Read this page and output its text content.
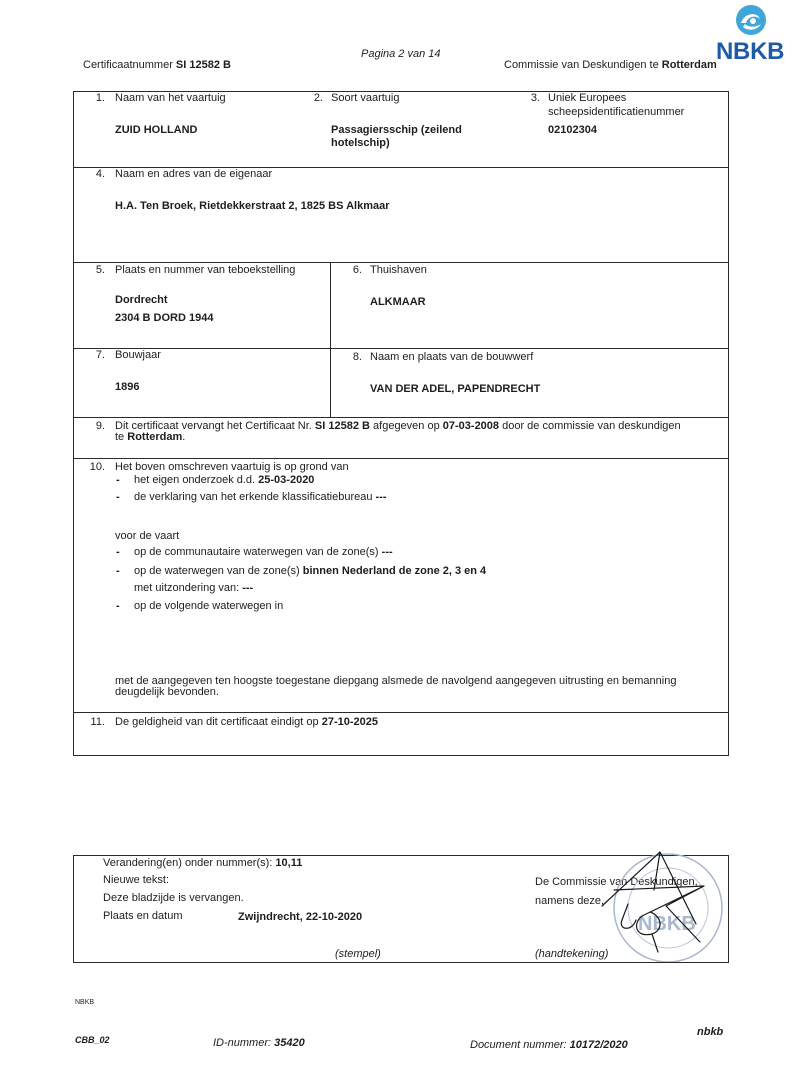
NBKB
Pagina 2 van 14
Certificaatnummer SI 12582 B	Commissie van Deskundigen te Rotterdam
1. Naam van het vaartuig
ZUID HOLLAND
2. Soort vaartuig
Passagiersschip (zeilend
hotelschip)
3. Uniek Europees
scheepsidentificatienummer
02102304
4. Naam en adres van de eigenaar
H.A. Ten Broek, Rietdekkerstraat 2, 1825 BS Alkmaar
5. Plaats en nummer van teboekstelling
Dordrecht
2304 B DORD 1944
6. Thuishaven
ALKMAAR
7. Bouwjaar
1896
8. Naam en plaats van de bouwwerf
VAN DER ADEL, PAPENDRECHT
9. Dit certificaat vervangt het Certificaat Nr. SI 12582 B afgegeven op 07-03-2008 door de commissie van deskundigen
te Rotterdam.
10. Het boven omschreven vaartuig is op grond van
- het eigen onderzoek d.d. 25-03-2020
- de verklaring van het erkende klassificatiebureau ---
voor de vaart
- op de communautaire waterwegen van de zone(s) ---
- op de waterwegen van de zone(s) binnen Nederland de zone 2, 3 en 4
met uitzondering van: ---
- op de volgende waterwegen in
met de aangegeven ten hoogste toegestane diepgang alsmede de navolgend aangegeven uitrusting en bemanning
deugdelijk bevonden.
11. De geldigheid van dit certificaat eindigt op 27-10-2025
Verandering(en) onder nummer(s): 10,11
Nieuwe tekst:
Deze bladzijde is vervangen.
Plaats en datum	Zwijndrecht, 22-10-2020
(stempel)	(handtekening)
De Commissie van Deskundigen,
namens deze,
NBKB
NBKB
CBB_02	ID-nummer: 35420	Document nummer: 10172/2020
nbkb
